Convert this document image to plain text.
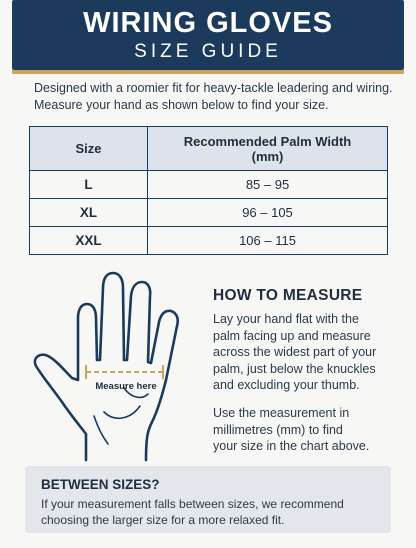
WIRING GLOVES
SIZE GUIDE
Designed with a roomier fit for heavy-tackle leadering and wiring.
Measure your hand as shown below to find your size.
Size	Recommended Palm Width
(mm)
L	85 – 95
XL	96 – 105
XXL	106 – 115
Measure here
HOW TO MEASURE
Lay your hand flat with the
palm facing up and measure
across the widest part of your
palm, just below the knuckles
and excluding your thumb.
Use the measurement in
millimetres (mm) to find
your size in the chart above.
BETWEEN SIZES?
If your measurement falls between sizes, we recommend
choosing the larger size for a more relaxed fit.
